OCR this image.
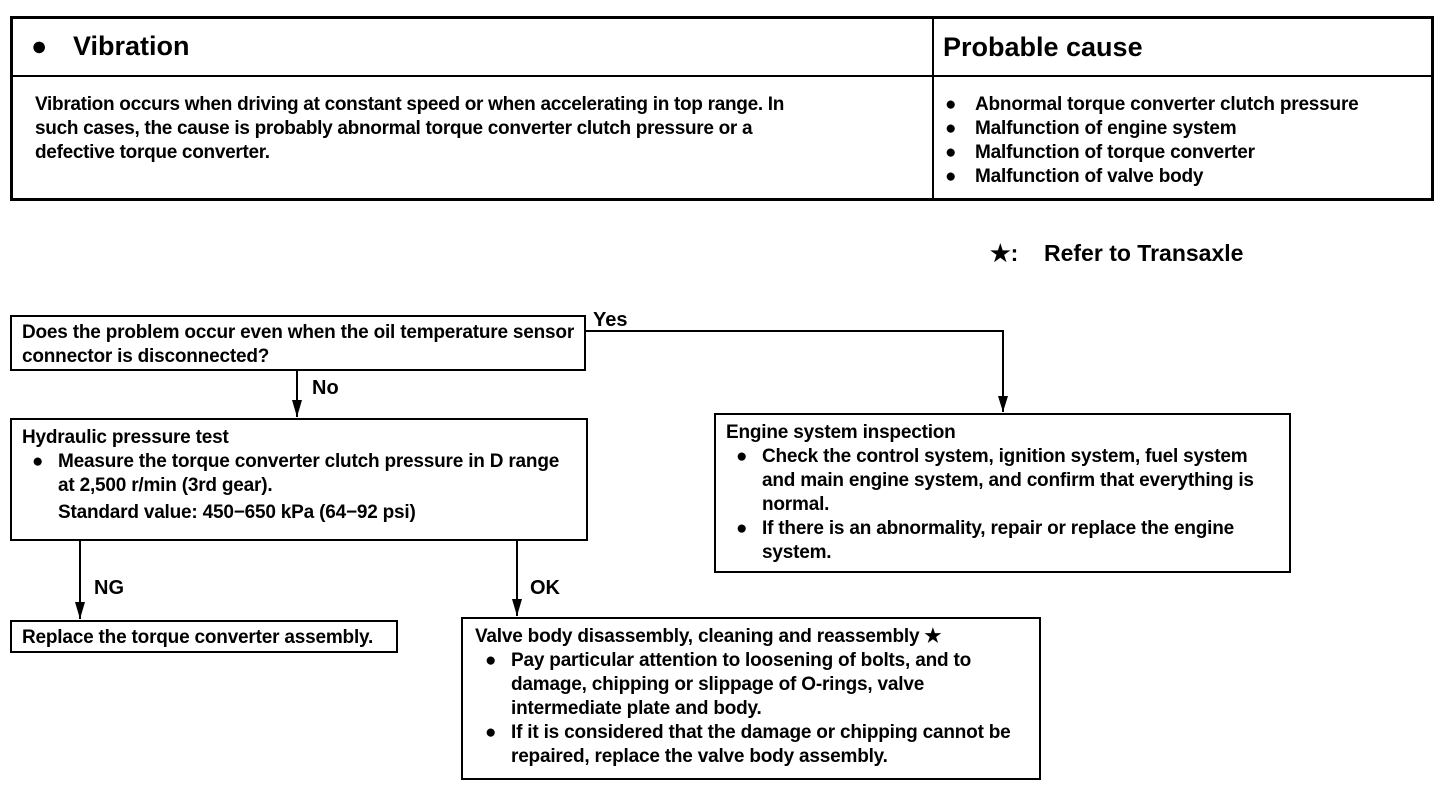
● Vibration	Probable cause
Vibration occurs when driving at constant speed or when accelerating in top range. In such cases, the cause is probably abnormal torque converter clutch pressure or a defective torque converter.
● Abnormal torque converter clutch pressure
● Malfunction of engine system
● Malfunction of torque converter
● Malfunction of valve body
★: Refer to Transaxle
Yes
No
NG	OK
Does the problem occur even when the oil temperature sensor connector is disconnected?
Hydraulic pressure test
● Measure the torque converter clutch pressure in D range at 2,500 r/min (3rd gear).
Standard value: 450−650 kPa (64−92 psi)
Engine system inspection
● Check the control system, ignition system, fuel system and main engine system, and confirm that everything is normal.
● If there is an abnormality, repair or replace the engine system.
Replace the torque converter assembly.	Valve body disassembly, cleaning and reassembly ★
● Pay particular attention to loosening of bolts, and to damage, chipping or slippage of O-rings, valve intermediate plate and body.
● If it is considered that the damage or chipping cannot be repaired, replace the valve body assembly.
